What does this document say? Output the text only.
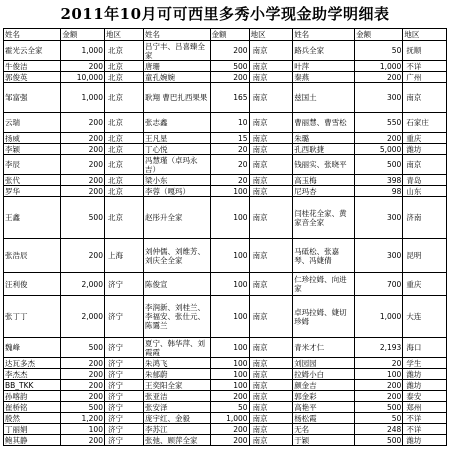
2011年10月可可西里多秀小学现金助学明细表
姓名	金额	地区	姓名	金额	地区	姓名	金额	地区
霍光云全家	1,000	北京	吕宁丰、吕喜臻全家	200	南京	路兵全家	50	抚顺
牛俊洁	200	北京	唐珊	500	南京	叶萍	1,000	不详
郭俊英	10,000	北京	童孔婉婉	200	南京	秦燕	200	广州
邹富强	1,000	北京	耿翔 曹巴扎西果果	165	南京	兹国土	300	南京
云瑞	200	北京	张志鑫	10	南京	曹丽慧、曹雪松	550	石家庄
扬威	200	北京	王凡星	15	南京	朱璐	200	重庆
李颖	200	北京	丁心悦	20	南京	孔西耿捷	5,000	潍坊
李辰	200	北京	冯慧瑾（卓玛永吉）	20	南京	钱丽实、张晓平	500	南京
张代	200	北京	梁小东	20	南京	高玉梅	398	青岛
罗华	200	北京	李蓉（嘎玛）	100	南京	尼玛杏	98	山东
王鑫	500	北京	赵彤升全家	100	南京	闫桂花全家、黄家音全家	300	济南
张浩辰	200	上海	刘仲儒、刘维芳、刘庆全全家	100	南京	马砥松、张嘉琴、冯婕倩	300	昆明
汪利俊	2,000	济宁	陈俊宣	100	南京	仁珍拉姆、向进家	700	重庆
张丁丁	2,000	济宁	李润新、刘桂兰、李福安、张仕元、陈霭兰	100	南京	卓玛拉姆、婕切珍姆	1,000	大连
魏峰	500	济宁	夏宁、韩华萍、刘霞霞	100	南京	青米才仁	2,193	海口
达瓦多杰	200	济宁	朱鸿飞	100	南京	刘园园	20	学生
李杰杰	200	济宁	朱郁蔚	100	南京	拉姆小白	100	潍坊
BB_TKK	200	济宁	王奕阳全家	100	南京	颜金吉	200	潍坊
孙喀韵	200	济宁	张亚洁	200	南京	郭金彩	200	泰安
崔桥铭	500	济宁	张安泽	50	南京	高艳平	500	郑州
殷然	1,200	济宁	庞宇红、金毅	1,000	南京	杨松霞	50	不详
丁丽娟	100	济宁	李苏江	200	南京	无名	248	不详
鲍其静	200	济宁	张弛、顾萍全家	200	南京	于颖	500	潍坊
